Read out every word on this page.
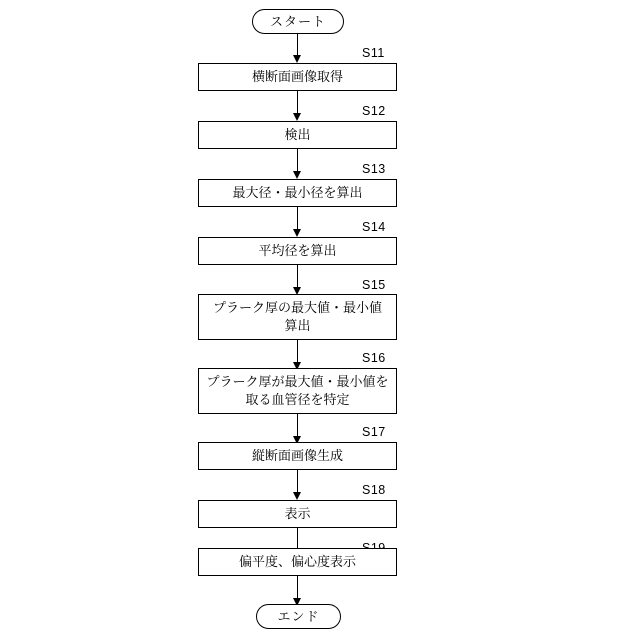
スタート
S11
横断面画像取得
S12
検出
S13
最大径・最小径を算出
S14
平均径を算出
S15
プラーク厚の最大値・最小値
算出
S16
プラーク厚が最大値・最小値を
取る血管径を特定
S17
縦断面画像生成
S18
表示
偏平度、偏心度表示
エンド
